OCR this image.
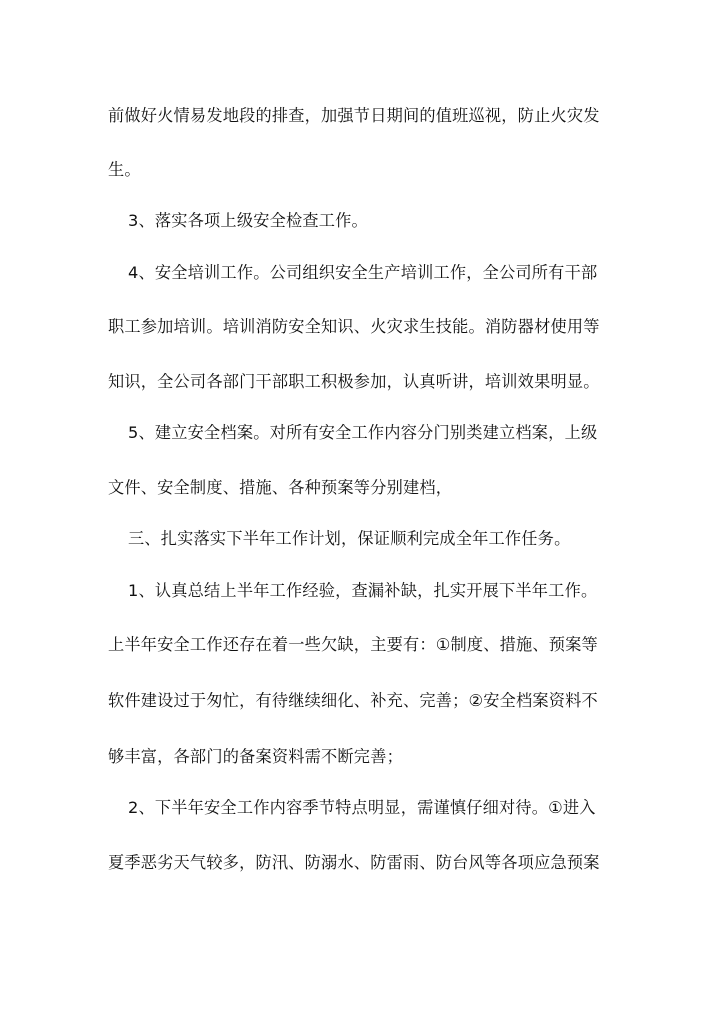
前做好火情易发地段的排查，加强节日期间的值班巡视，防止火灾发
生。
3、落实各项上级安全检查工作。
4、安全培训工作。公司组织安全生产培训工作，全公司所有干部
职工参加培训。培训消防安全知识、火灾求生技能。消防器材使用等
知识，全公司各部门干部职工积极参加，认真听讲，培训效果明显。
5、建立安全档案。对所有安全工作内容分门别类建立档案，上级
文件、安全制度、措施、各种预案等分别建档，
三、扎实落实下半年工作计划，保证顺利完成全年工作任务。
1、认真总结上半年工作经验，查漏补缺，扎实开展下半年工作。
上半年安全工作还存在着一些欠缺，主要有：①制度、措施、预案等
软件建设过于匆忙，有待继续细化、补充、完善；②安全档案资料不
够丰富，各部门的备案资料需不断完善；
2、下半年安全工作内容季节特点明显，需谨慎仔细对待。①进入
夏季恶劣天气较多，防汛、防溺水、防雷雨、防台风等各项应急预案
